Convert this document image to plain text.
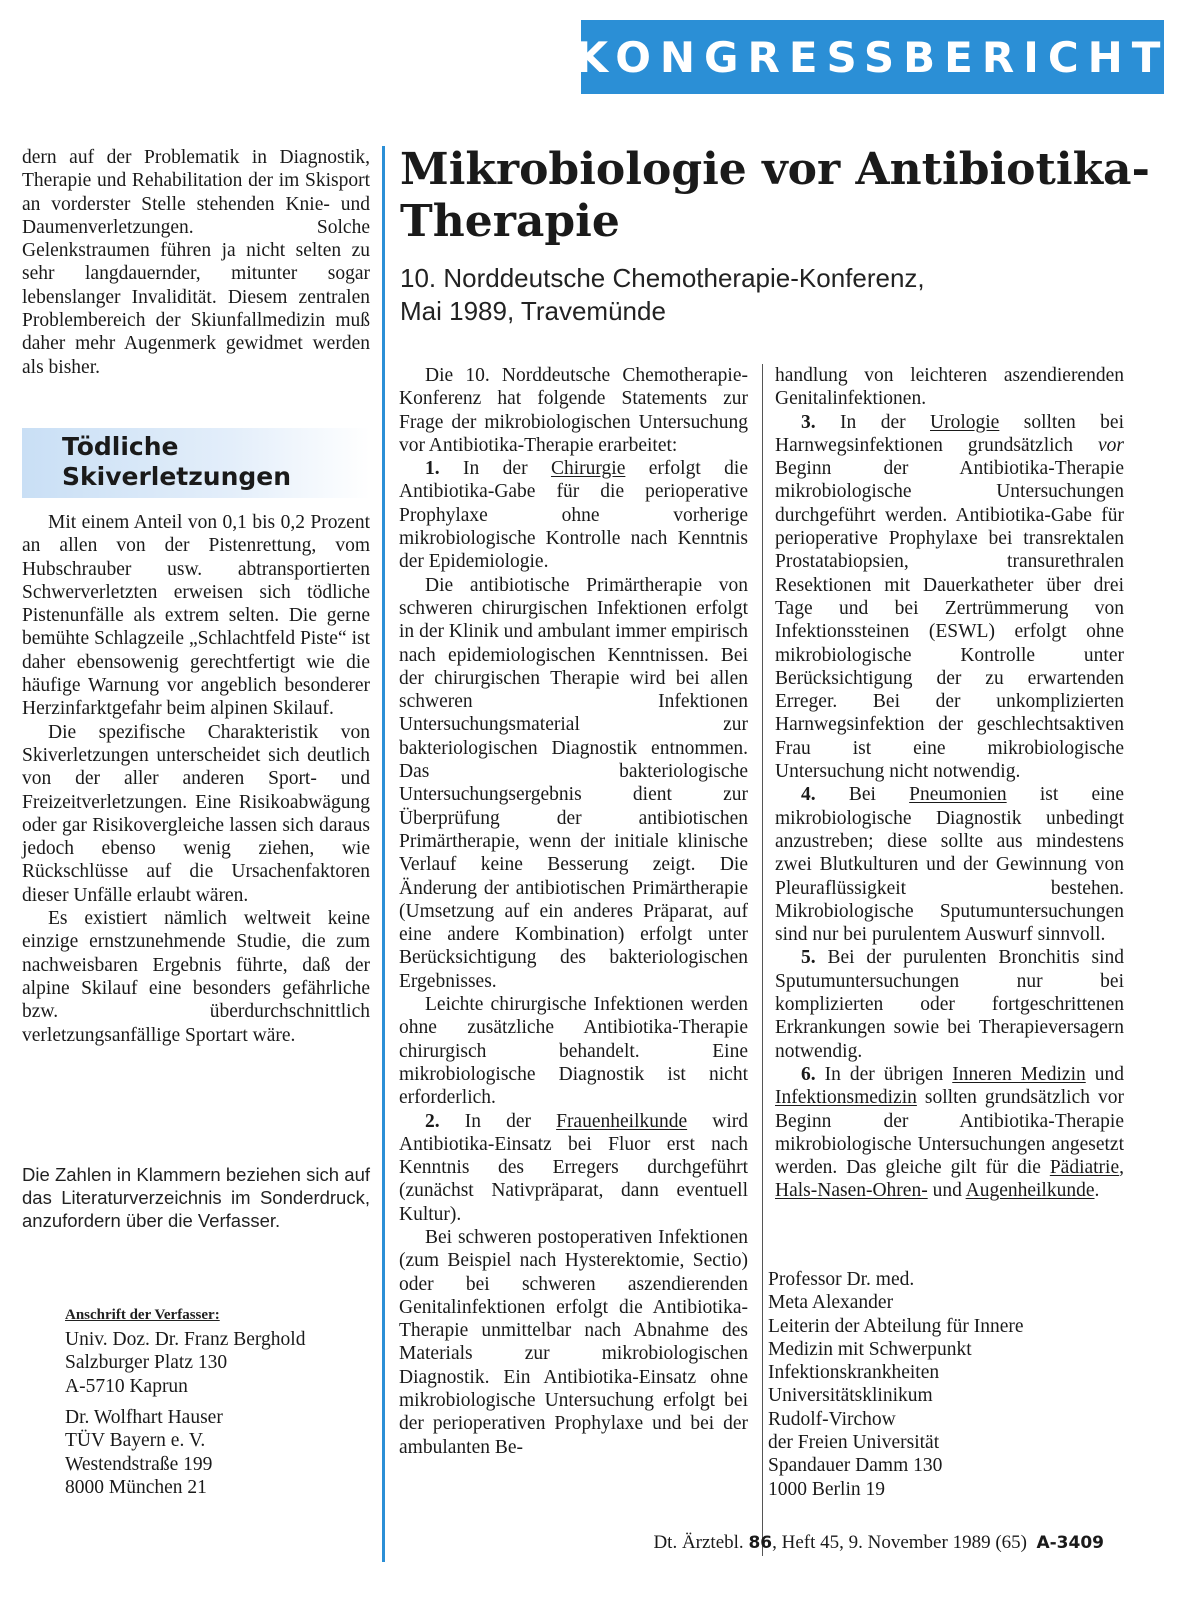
KONGRESSBERICHT

dern auf der Problematik in Diagnostik, Therapie und Rehabilitation der im Skisport an vorderster Stelle stehenden Knie- und Daumenverletzungen. Solche Gelenkstraumen führen ja nicht selten zu sehr langdauernder, mitunter sogar lebenslanger Invalidität. Diesem zentralen Problembereich der Skiunfallmedizin muß daher mehr Augenmerk gewidmet werden als bisher.

Tödliche
Skiverletzungen

Mit einem Anteil von 0,1 bis 0,2 Prozent an allen von der Pistenrettung, vom Hubschrauber usw. abtransportierten Schwerverletzten erweisen sich tödliche Pistenunfälle als extrem selten. Die gerne bemühte Schlagzeile „Schlachtfeld Piste“ ist daher ebensowenig gerechtfertigt wie die häufige Warnung vor angeblich besonderer Herzinfarktgefahr beim alpinen Skilauf.

Die spezifische Charakteristik von Skiverletzungen unterscheidet sich deutlich von der aller anderen Sport- und Freizeitverletzungen. Eine Risikoabwägung oder gar Risikovergleiche lassen sich daraus jedoch ebenso wenig ziehen, wie Rückschlüsse auf die Ursachenfaktoren dieser Unfälle erlaubt wären.

Es existiert nämlich weltweit keine einzige ernstzunehmende Studie, die zum nachweisbaren Ergebnis führte, daß der alpine Skilauf eine besonders gefährliche bzw. überdurchschnittlich verletzungsanfällige Sportart wäre.

Die Zahlen in Klammern beziehen sich auf das Literaturverzeichnis im Sonderdruck, anzufordern über die Verfasser.

Anschrift der Verfasser:

Univ. Doz. Dr. Franz Berghold
Salzburger Platz 130
A-5710 Kaprun
Dr. Wolfhart Hauser
TÜV Bayern e. V.
Westendstraße 199
8000 München 21
Mikrobiologie vor Antibiotika-Therapie

10. Norddeutsche Chemotherapie-Konferenz,
Mai 1989, Travemünde

Die 10. Norddeutsche Chemotherapie-Konferenz hat folgende Statements zur Frage der mikrobiologischen Untersuchung vor Antibiotika-Therapie erarbeitet:

1. In der Chirurgie erfolgt die Antibiotika-Gabe für die perioperative Prophylaxe ohne vorherige mikrobiologische Kontrolle nach Kenntnis der Epidemiologie.

Die antibiotische Primärtherapie von schweren chirurgischen Infektionen erfolgt in der Klinik und ambulant immer empirisch nach epidemiologischen Kenntnissen. Bei der chirurgischen Therapie wird bei allen schweren Infektionen Untersuchungsmaterial zur bakteriologischen Diagnostik entnommen. Das bakteriologische Untersuchungsergebnis dient zur Überprüfung der antibiotischen Primärtherapie, wenn der initiale klinische Verlauf keine Besserung zeigt. Die Änderung der antibiotischen Primärtherapie (Umsetzung auf ein anderes Präparat, auf eine andere Kombination) erfolgt unter Berücksichtigung des bakteriologischen Ergebnisses.

Leichte chirurgische Infektionen werden ohne zusätzliche Antibiotika-Therapie chirurgisch behandelt. Eine mikrobiologische Diagnostik ist nicht erforderlich.

2. In der Frauenheilkunde wird Antibiotika-Einsatz bei Fluor erst nach Kenntnis des Erregers durchgeführt (zunächst Nativpräparat, dann eventuell Kultur).

Bei schweren postoperativen Infektionen (zum Beispiel nach Hysterektomie, Sectio) oder bei schweren aszendierenden Genitalinfektionen erfolgt die Antibiotika-Therapie unmittelbar nach Abnahme des Materials zur mikrobiologischen Diagnostik. Ein Antibiotika-Einsatz ohne mikrobiologische Untersuchung erfolgt bei der perioperativen Prophylaxe und bei der ambulanten Be-

handlung von leichteren aszendierenden Genitalinfektionen.

3. In der Urologie sollten bei Harnwegsinfektionen grundsätzlich vor Beginn der Antibiotika-Therapie mikrobiologische Untersuchungen durchgeführt werden. Antibiotika-Gabe für perioperative Prophylaxe bei transrektalen Prostatabiopsien, transurethralen Resektionen mit Dauerkatheter über drei Tage und bei Zertrümmerung von Infektionssteinen (ESWL) erfolgt ohne mikrobiologische Kontrolle unter Berücksichtigung der zu erwartenden Erreger. Bei der unkomplizierten Harnwegsinfektion der geschlechtsaktiven Frau ist eine mikrobiologische Untersuchung nicht notwendig.

4. Bei Pneumonien ist eine mikrobiologische Diagnostik unbedingt anzustreben; diese sollte aus mindestens zwei Blutkulturen und der Gewinnung von Pleuraflüssigkeit bestehen. Mikrobiologische Sputumuntersuchungen sind nur bei purulentem Auswurf sinnvoll.

5. Bei der purulenten Bronchitis sind Sputumuntersuchungen nur bei komplizierten oder fortgeschrittenen Erkrankungen sowie bei Therapieversagern notwendig.

6. In der übrigen Inneren Medizin und Infektionsmedizin sollten grundsätzlich vor Beginn der Antibiotika-Therapie mikrobiologische Untersuchungen angesetzt werden. Das gleiche gilt für die Pädiatrie, Hals-Nasen-Ohren- und Augenheilkunde.

Professor Dr. med.
Meta Alexander
Leiterin der Abteilung für Innere
Medizin mit Schwerpunkt
Infektionskrankheiten
Universitätsklinikum
Rudolf-Virchow
der Freien Universität
Spandauer Damm 130
1000 Berlin 19
Dt. Ärztebl. 86, Heft 45, 9. November 1989 (65) A-3409
